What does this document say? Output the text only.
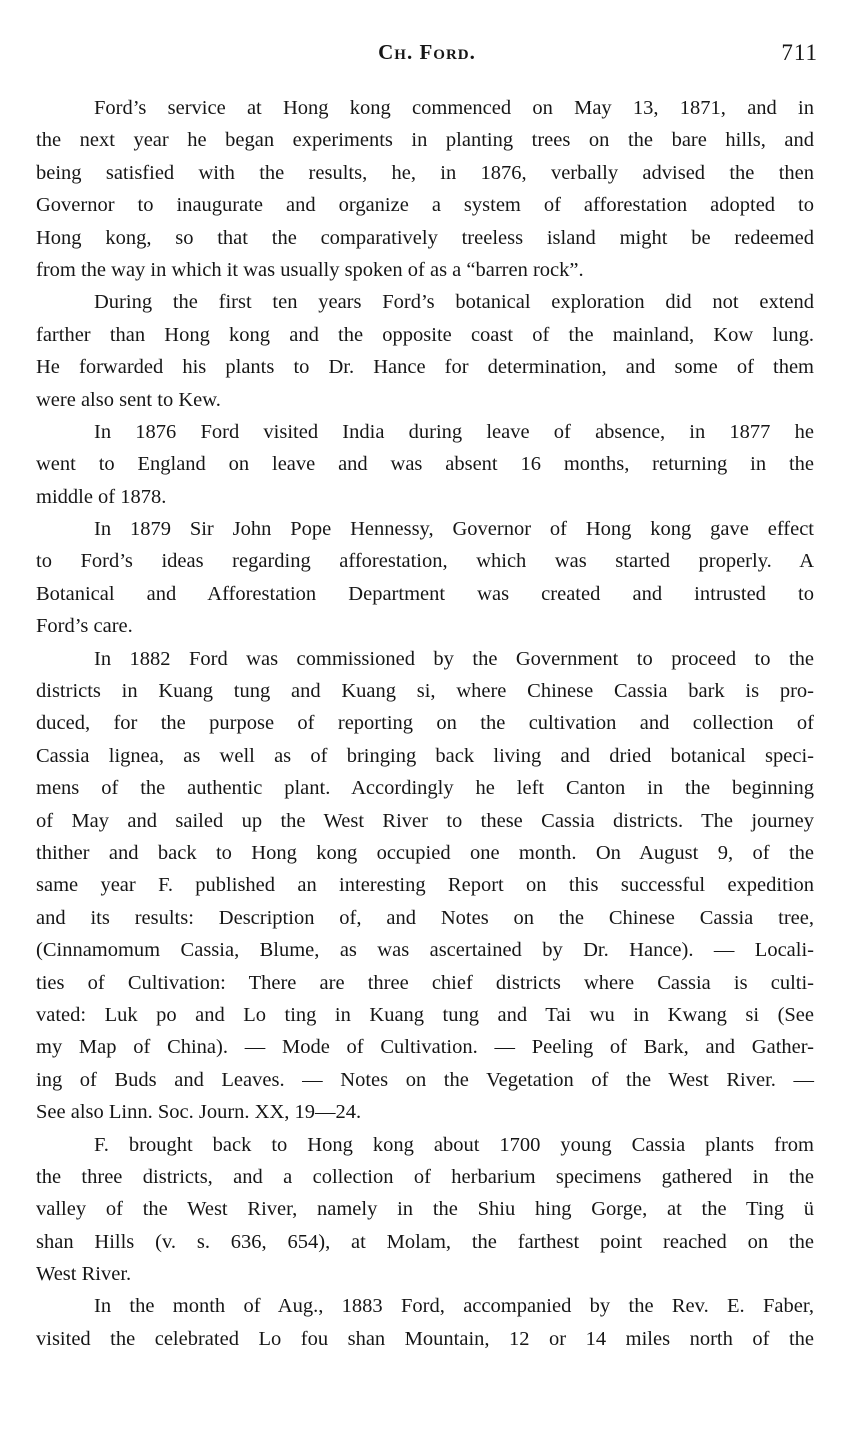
Ch. Ford.	711
Ford’s service at Hong kong commenced on May 13, 1871, and in
the next year he began experiments in planting trees on the bare hills, and
being satisfied with the results, he, in 1876, verbally advised the then
Governor to inaugurate and organize a system of afforestation adopted to
Hong kong, so that the comparatively treeless island might be redeemed
from the way in which it was usually spoken of as a “barren rock”.
During the first ten years Ford’s botanical exploration did not extend
farther than Hong kong and the opposite coast of the mainland, Kow lung.
He forwarded his plants to Dr. Hance for determination, and some of them
were also sent to Kew.
In 1876 Ford visited India during leave of absence, in 1877 he
went to England on leave and was absent 16 months, returning in the
middle of 1878.
In 1879 Sir John Pope Hennessy, Governor of Hong kong gave effect
to Ford’s ideas regarding afforestation, which was started properly. A
Botanical and Afforestation Department was created and intrusted to
Ford’s care.
In 1882 Ford was commissioned by the Government to proceed to the
districts in Kuang tung and Kuang si, where Chinese Cassia bark is pro-
duced, for the purpose of reporting on the cultivation and collection of
Cassia lignea, as well as of bringing back living and dried botanical speci-
mens of the authentic plant. Accordingly he left Canton in the beginning
of May and sailed up the West River to these Cassia districts. The journey
thither and back to Hong kong occupied one month. On August 9, of the
same year F. published an interesting Report on this successful expedition
and its results: Description of, and Notes on the Chinese Cassia tree,
(Cinnamomum Cassia, Blume, as was ascertained by Dr. Hance). — Locali-
ties of Cultivation: There are three chief districts where Cassia is culti-
vated: Luk po and Lo ting in Kuang tung and Tai wu in Kwang si (See
my Map of China). — Mode of Cultivation. — Peeling of Bark, and Gather-
ing of Buds and Leaves. — Notes on the Vegetation of the West River. —
See also Linn. Soc. Journ. XX, 19—24.
F. brought back to Hong kong about 1700 young Cassia plants from
the three districts, and a collection of herbarium specimens gathered in the
valley of the West River, namely in the Shiu hing Gorge, at the Ting ü
shan Hills (v. s. 636, 654), at Molam, the farthest point reached on the
West River.
In the month of Aug., 1883 Ford, accompanied by the Rev. E. Faber,
visited the celebrated Lo fou shan Mountain, 12 or 14 miles north of the
